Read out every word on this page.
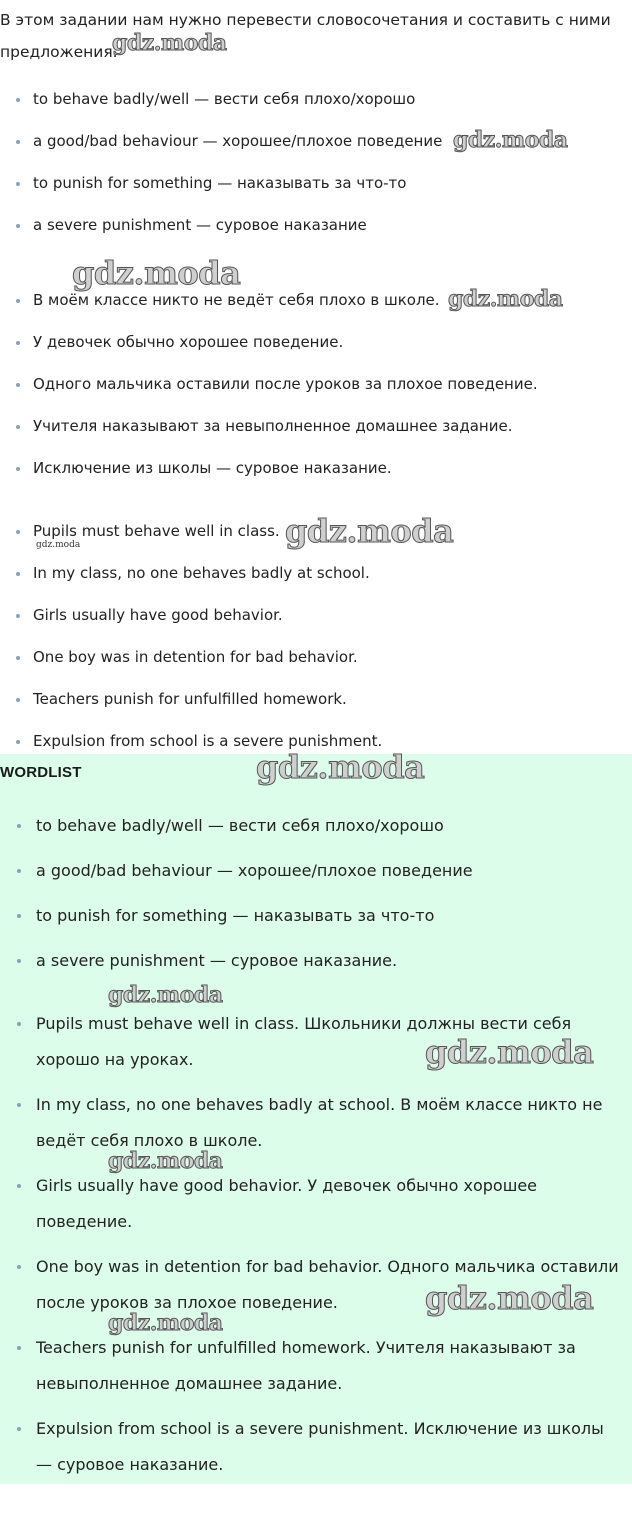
В этом задании нам нужно перевести словосочетания и составить с ними предложения.

to behave badly/well — вести себя плохо/хорошо
a good/bad behaviour — хорошее/плохое поведение
to punish for something — наказывать за что-то
a severe punishment — суровое наказание
В моём классе никто не ведёт себя плохо в школе.
У девочек обычно хорошее поведение.
Одного мальчика оставили после уроков за плохое поведение.
Учителя наказывают за невыполненное домашнее задание.
Исключение из школы — суровое наказание.
Pupils must behave well in class.
In my class, no one behaves badly at school.
Girls usually have good behavior.
One boy was in detention for bad behavior.
Teachers punish for unfulfilled homework.
Expulsion from school is a severe punishment.
WORDLIST
to behave badly/well — вести себя плохо/хорошо
a good/bad behaviour — хорошее/плохое поведение
to punish for something — наказывать за что-то
a severe punishment — суровое наказание.
Pupils must behave well in class. Школьники должны вести себя хорошо на уроках.
In my class, no one behaves badly at school. В моём классе никто не ведёт себя плохо в школе.
Girls usually have good behavior. У девочек обычно хорошее поведение.
One boy was in detention for bad behavior. Одного мальчика оставили после уроков за плохое поведение.
Teachers punish for unfulfilled homework. Учителя наказывают за невыполненное домашнее задание.
Expulsion from school is a severe punishment. Исключение из школы — суровое наказание.
gdz.moda
gdz.moda
gdz.moda
gdz.moda
gdz.moda
gdz.moda
gdz.moda
gdz.moda
gdz.moda
gdz.moda
gdz.moda
gdz.moda
